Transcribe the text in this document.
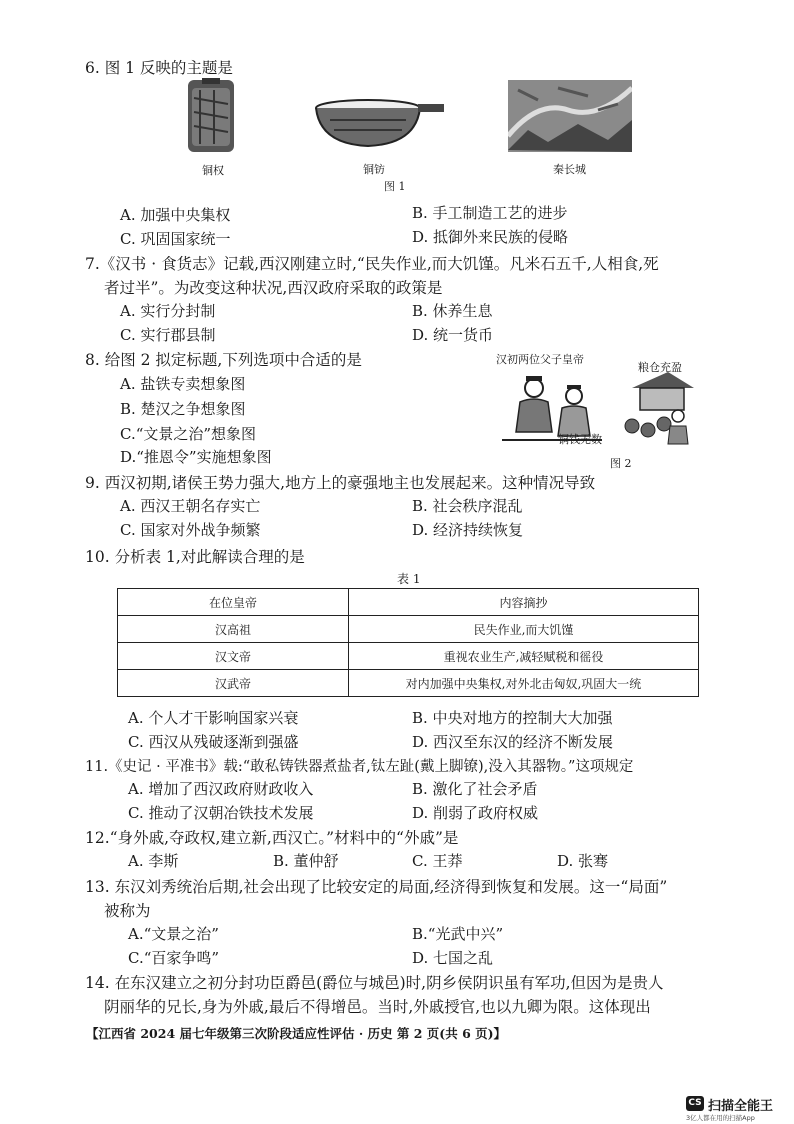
6. 图 1 反映的主题是
铜权	铜钫	秦长城
图 1
A. 加强中央集权	B. 手工制造工艺的进步
C. 巩固国家统一	D. 抵御外来民族的侵略
7.《汉书 · 食货志》记载,西汉刚建立时,“民失作业,而大饥馑。凡米石五千,人相食,死
者过半”。为改变这种状况,西汉政府采取的政策是
A. 实行分封制	B. 休养生息
C. 实行郡县制	D. 统一货币
8. 给图 2 拟定标题,下列选项中合适的是
A. 盐铁专卖想象图
B. 楚汉之争想象图
C.“文景之治”想象图
D.“推恩令”实施想象图
汉初两位父子皇帝
粮仓充盈
铜钱无数
图 2
9. 西汉初期,诸侯王势力强大,地方上的豪强地主也发展起来。这种情况导致
A. 西汉王朝名存实亡	B. 社会秩序混乱
C. 国家对外战争频繁	D. 经济持续恢复
10. 分析表 1,对此解读合理的是
表 1
在位皇帝	内容摘抄
汉高祖	民失作业,而大饥馑
汉文帝	重视农业生产,减轻赋税和徭役
汉武帝	对内加强中央集权,对外北击匈奴,巩固大一统
A. 个人才干影响国家兴衰	B. 中央对地方的控制大大加强
C. 西汉从残破逐渐到强盛	D. 西汉至东汉的经济不断发展
11.《史记 · 平准书》载:“敢私铸铁器煮盐者,钛左趾(戴上脚镣),没入其器物。”这项规定
A. 增加了西汉政府财政收入	B. 激化了社会矛盾
C. 推动了汉朝冶铁技术发展	D. 削弱了政府权威
12.“身外戚,夺政权,建立新,西汉亡。”材料中的“外戚”是
A. 李斯	B. 董仲舒	C. 王莽	D. 张骞
13. 东汉刘秀统治后期,社会出现了比较安定的局面,经济得到恢复和发展。这一“局面”
被称为
A.“文景之治”	B.“光武中兴”
C.“百家争鸣”	D. 七国之乱
14. 在东汉建立之初分封功臣爵邑(爵位与城邑)时,阴乡侯阴识虽有军功,但因为是贵人
阴丽华的兄长,身为外戚,最后不得增邑。当时,外戚授官,也以九卿为限。这体现出
【江西省 2024 届七年级第三次阶段适应性评估 · 历史 第 2 页(共 6 页)】
CS 扫描全能王
3亿人都在用的扫描App
